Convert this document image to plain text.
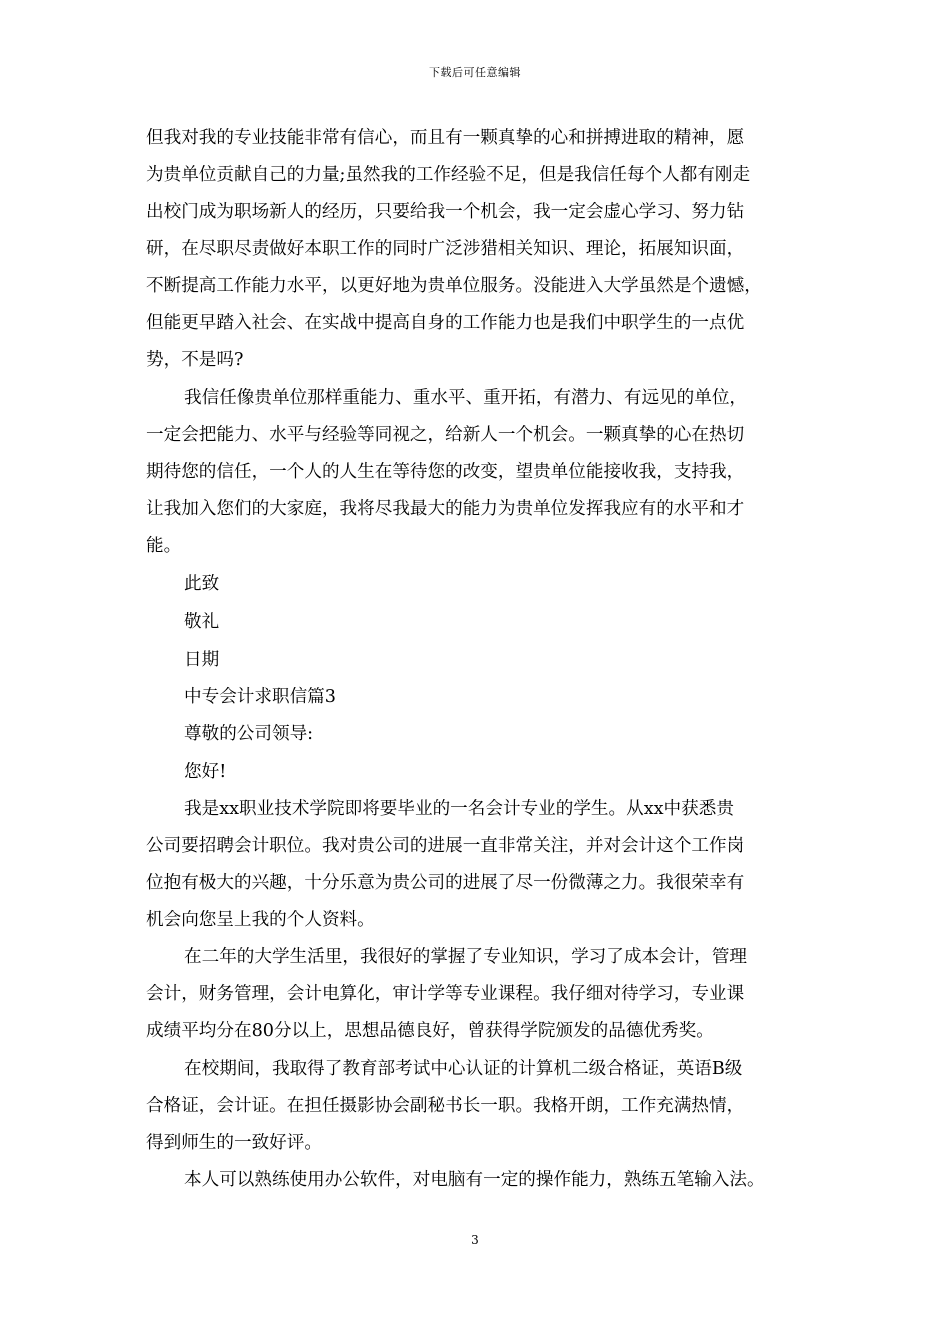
下载后可任意编辑
但我对我的专业技能非常有信心，而且有一颗真挚的心和拼搏进取的精神，愿
为贵单位贡献自己的力量;虽然我的工作经验不足，但是我信任每个人都有刚走
出校门成为职场新人的经历，只要给我一个机会，我一定会虚心学习、努力钻
研，在尽职尽责做好本职工作的同时广泛涉猎相关知识、理论，拓展知识面，
不断提高工作能力水平，以更好地为贵单位服务。没能进入大学虽然是个遗憾，
但能更早踏入社会、在实战中提高自身的工作能力也是我们中职学生的一点优
势，不是吗?
我信任像贵单位那样重能力、重水平、重开拓，有潜力、有远见的单位，
一定会把能力、水平与经验等同视之，给新人一个机会。一颗真挚的心在热切
期待您的信任，一个人的人生在等待您的改变，望贵单位能接收我，支持我，
让我加入您们的大家庭，我将尽我最大的能力为贵单位发挥我应有的水平和才
能。
此致
敬礼
日期
中专会计求职信篇3
尊敬的公司领导:
您好!
我是xx职业技术学院即将要毕业的一名会计专业的学生。从xx中获悉贵
公司要招聘会计职位。我对贵公司的进展一直非常关注，并对会计这个工作岗
位抱有极大的兴趣，十分乐意为贵公司的进展了尽一份微薄之力。我很荣幸有
机会向您呈上我的个人资料。
在二年的大学生活里，我很好的掌握了专业知识，学习了成本会计，管理
会计，财务管理，会计电算化，审计学等专业课程。我仔细对待学习，专业课
成绩平均分在80分以上，思想品德良好，曾获得学院颁发的品德优秀奖。
在校期间，我取得了教育部考试中心认证的计算机二级合格证，英语B级
合格证，会计证。在担任摄影协会副秘书长一职。我格开朗，工作充满热情，
得到师生的一致好评。
本人可以熟练使用办公软件，对电脑有一定的操作能力，熟练五笔输入法。
3
